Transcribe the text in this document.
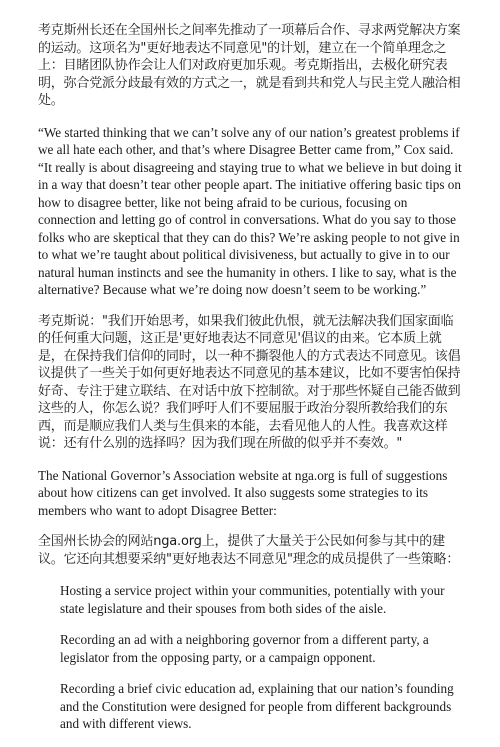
考克斯州长还在全国州长之间率先推动了一项幕后合作、寻求两党解决方案的运动。这项名为"更好地表达不同意见"的计划，建立在一个简单理念之上：目睹团队协作会让人们对政府更加乐观。考克斯指出，去极化研究表明，弥合党派分歧最有效的方式之一，就是看到共和党人与民主党人融洽相处。

“We started thinking that we can’t solve any of our nation’s greatest problems if we all hate each other, and that’s where Disagree Better came from,” Cox said. “It really is about disagreeing and staying true to what we believe in but doing it in a way that doesn’t tear other people apart. The initiative offering basic tips on how to disagree better, like not being afraid to be curious, focusing on connection and letting go of control in conversations. What do you say to those folks who are skeptical that they can do this? We’re asking people to not give in to what we’re taught about political divisiveness, but actually to give in to our natural human instincts and see the humanity in others. I like to say, what is the alternative? Because what we’re doing now doesn’t seem to be working.”

考克斯说："我们开始思考，如果我们彼此仇恨，就无法解决我们国家面临的任何重大问题，这正是'更好地表达不同意见'倡议的由来。它本质上就是，在保持我们信仰的同时，以一种不撕裂他人的方式表达不同意见。该倡议提供了一些关于如何更好地表达不同意见的基本建议，比如不要害怕保持好奇、专注于建立联结、在对话中放下控制欲。对于那些怀疑自己能否做到这些的人，你怎么说？我们呼吁人们不要屈服于政治分裂所教给我们的东西，而是顺应我们人类与生俱来的本能，去看见他人的人性。我喜欢这样说：还有什么别的选择吗？因为我们现在所做的似乎并不奏效。"

The National Governor’s Association website at nga.org is full of suggestions about how citizens can get involved. It also suggests some strategies to its members who want to adopt Disagree Better:

全国州长协会的网站nga.org上，提供了大量关于公民如何参与其中的建议。它还向其想要采纳"更好地表达不同意见"理念的成员提供了一些策略：

Hosting a service project within your communities, potentially with your state legislature and their spouses from both sides of the aisle.
Recording an ad with a neighboring governor from a different party, a legislator from the opposing party, or a campaign opponent.
Recording a brief civic education ad, explaining that our nation’s founding and the Constitution were designed for people from different backgrounds and with different views.
